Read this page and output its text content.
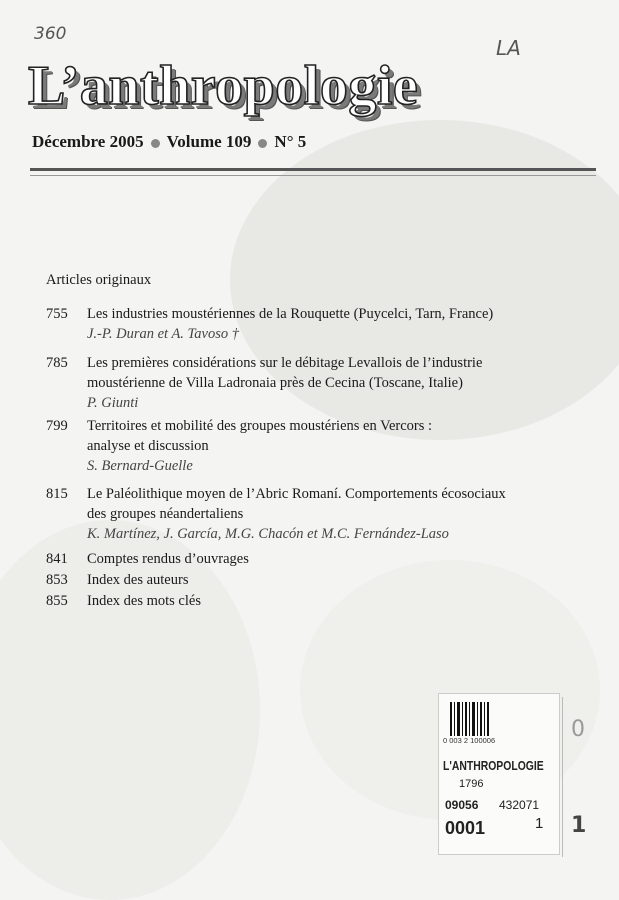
360
LA
L’anthropologie
Décembre 2005 Volume 109 N° 5
Articles originaux
755	Les industries moustériennes de la Rouquette (Puycelci, Tarn, France)
J.-P. Duran et A. Tavoso †
785	Les premières considérations sur le débitage Levallois de l’industrie
moustérienne de Villa Ladronaia près de Cecina (Toscane, Italie)
P. Giunti
799	Territoires et mobilité des groupes moustériens en Vercors :
analyse et discussion
S. Bernard-Guelle
815	Le Paléolithique moyen de l’Abric Romaní. Comportements écosociaux
des groupes néandertaliens
K. Martínez, J. García, M.G. Chacón et M.C. Fernández-Laso
841	Comptes rendus d’ouvrages
853	Index des auteurs
855	Index des mots clés
0 003 2 100006
L'ANTHROPOLOGIE
1796
09056 432071
0001	1
0
1
